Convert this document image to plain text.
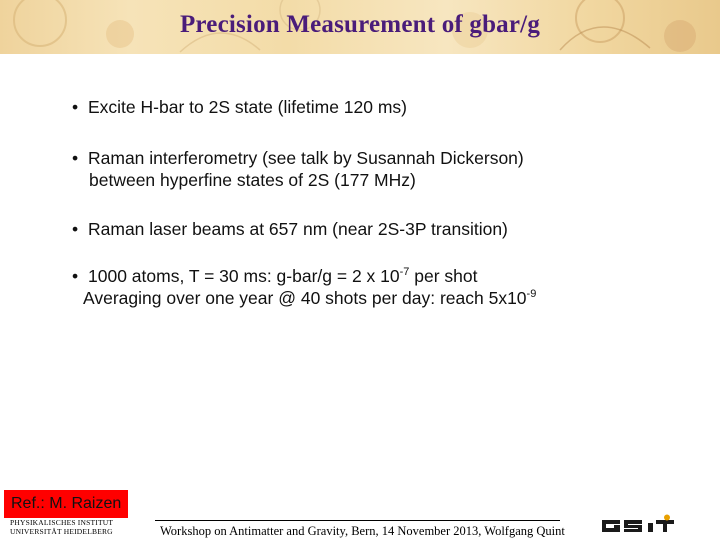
Precision Measurement of gbar/g
• Excite H-bar to 2S state (lifetime 120 ms)
• Raman interferometry (see talk by Susannah Dickerson)
between hyperfine states of 2S (177 MHz)
• Raman laser beams at 657 nm (near 2S-3P transition)
• 1000 atoms, T = 30 ms: g-bar/g = 2 x $10^{-7}$ per shot
Averaging over one year @ 40 shots per day: reach $5x10^{-9}$
Ref.: M. Raizen
PHYSIKALISCHES INSTITUT
UNIVERSITÄT HEIDELBERG	Workshop on Antimatter and Gravity, Bern, 14 November 2013, Wolfgang Quint
